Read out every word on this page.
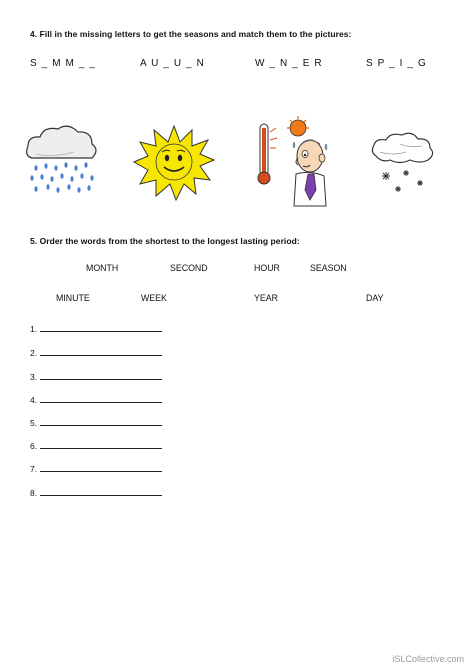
4. Fill in the missing letters to get the seasons and match them to the pictures:
S _ M M _ _	A U _ U _ N	W _ N _ E R	S P _ I _ G
5. Order the words from the shortest to the longest lasting period:
MONTH	SECOND	HOUR	SEASON
MINUTE	WEEK	YEAR	DAY
1.
2.
3.
4.
5.
6.
7.
8.
iSLCollective.com
